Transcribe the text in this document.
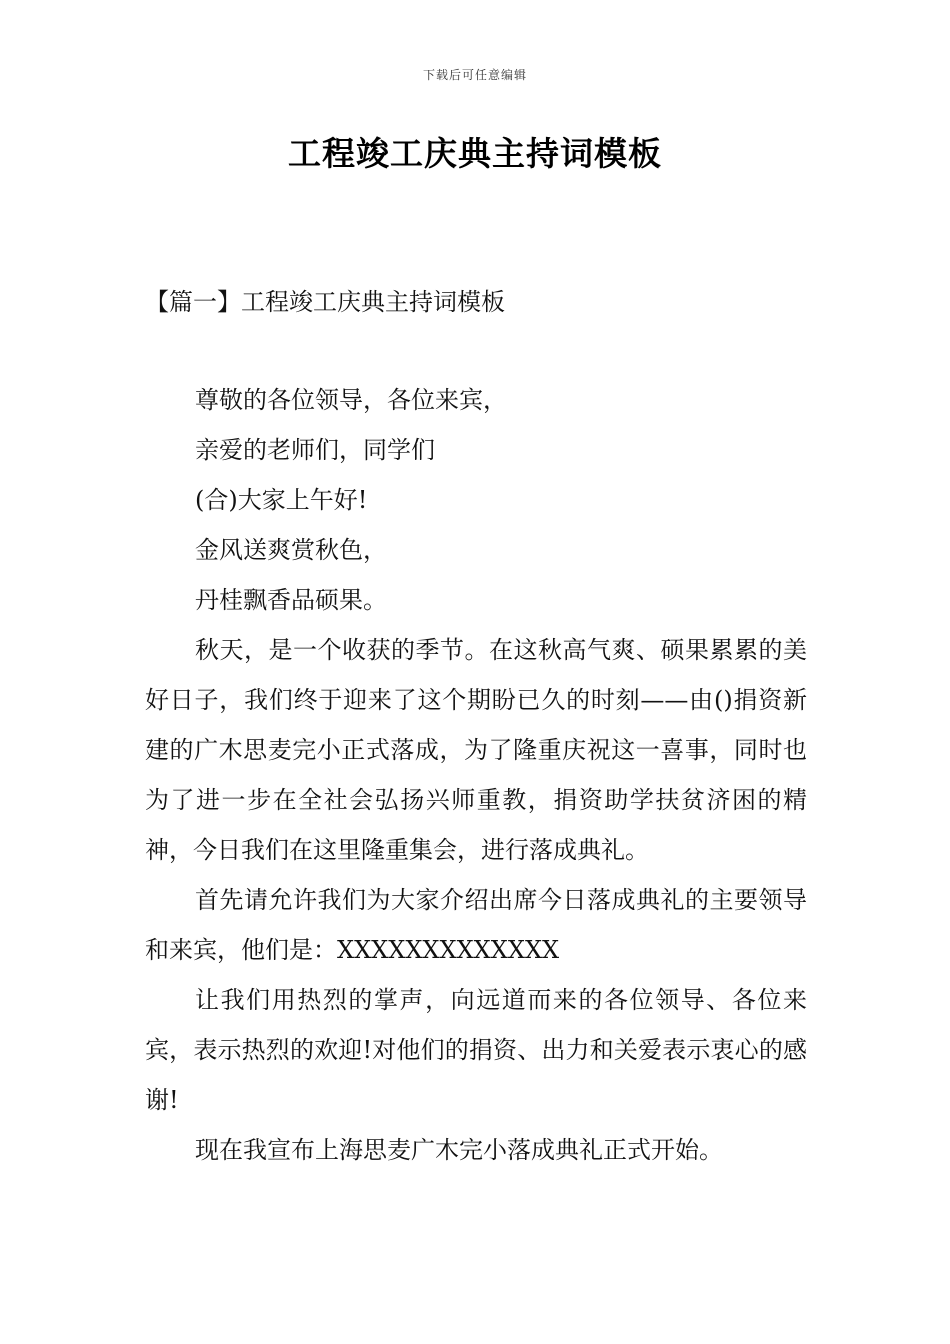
下载后可任意编辑
工程竣工庆典主持词模板
【篇一】工程竣工庆典主持词模板

尊敬的各位领导，各位来宾，

亲爱的老师们，同学们

(合)大家上午好!

金风送爽赏秋色，

丹桂飘香品硕果。

秋天，是一个收获的季节。在这秋高气爽、硕果累累的美好日子，我们终于迎来了这个期盼已久的时刻——由()捐资新建的广木思麦完小正式落成，为了隆重庆祝这一喜事，同时也为了进一步在全社会弘扬兴师重教，捐资助学扶贫济困的精神，今日我们在这里隆重集会，进行落成典礼。

首先请允许我们为大家介绍出席今日落成典礼的主要领导和来宾，他们是：XXXXXXXXXXXXX

让我们用热烈的掌声，向远道而来的各位领导、各位来宾，表示热烈的欢迎!对他们的捐资、出力和关爱表示衷心的感谢!

现在我宣布上海思麦广木完小落成典礼正式开始。
